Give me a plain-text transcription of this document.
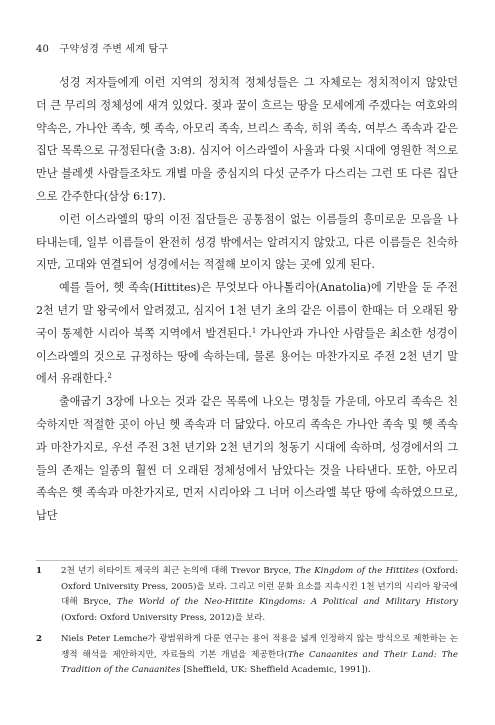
40 구약성경 주변 세계 탐구

성경 저자들에게 이런 지역의 정치적 정체성들은 그 자체로는 정치적이지 않았던 더 큰 무리의 정체성에 새겨 있었다. 젖과 꿀이 흐르는 땅을 모세에게 주겠다는 여호와의 약속은, 가나안 족속, 헷 족속, 아모리 족속, 브리스 족속, 히위 족속, 여부스 족속과 같은 집단 목록으로 규정된다(출 3:8). 심지어 이스라엘이 사울과 다윗 시대에 영원한 적으로 만난 블레셋 사람들조차도 개별 마을 중심지의 다섯 군주가 다스리는 그런 또 다른 집단으로 간주한다(삼상 6:17).

이런 이스라엘의 땅의 이전 집단들은 공통점이 없는 이름들의 흥미로운 모음을 나타내는데, 일부 이름들이 완전히 성경 밖에서는 알려지지 않았고, 다른 이름들은 친숙하지만, 고대와 연결되어 성경에서는 적절해 보이지 않는 곳에 있게 된다.

예를 들어, 헷 족속(Hittites)은 무엇보다 아나톨리아(Anatolia)에 기반을 둔 주전 2천 년기 말 왕국에서 알려졌고, 심지어 1천 년기 초의 같은 이름이 한때는 더 오래된 왕국이 통제한 시리아 북쪽 지역에서 발견된다.$^1$ 가나안과 가나안 사람들은 최소한 성경이 이스라엘의 것으로 규정하는 땅에 속하는데, 물론 용어는 마찬가지로 주전 2천 년기 말에서 유래한다.$^2$

출애굽기 3장에 나오는 것과 같은 목록에 나오는 명칭들 가운데, 아모리 족속은 친숙하지만 적절한 곳이 아닌 헷 족속과 더 닮았다. 아모리 족속은 가나안 족속 및 헷 족속과 마찬가지로, 우선 주전 3천 년기와 2천 년기의 청동기 시대에 속하며, 성경에서의 그들의 존재는 일종의 훨씬 더 오래된 정체성에서 남았다는 것을 나타낸다. 또한, 아모리 족속은 헷 족속과 마찬가지로, 먼저 시리아와 그 너머 이스라엘 북단 땅에 속하였으므로, 납단

1 2천 년기 히타이트 제국의 최근 논의에 대해 Trevor Bryce, The Kingdom of the Hittites (Oxford: Oxford University Press, 2005)을 보라. 그리고 이런 문화 요소를 지속시킨 1천 년기의 시리아 왕국에 대해 Bryce, The World of the Neo-Hittite Kingdoms: A Political and Military History (Oxford: Oxford University Press, 2012)을 보라.
2 Niels Peter Lemche가 광범위하게 다룬 연구는 용어 적용을 넓게 인정하지 않는 방식으로 제한하는 논쟁적 해석을 제안하지만, 자료들의 기본 개념을 제공한다(The Canaanites and Their Land: The Tradition of the Canaanites [Sheffield, UK: Sheffield Academic, 1991]).
